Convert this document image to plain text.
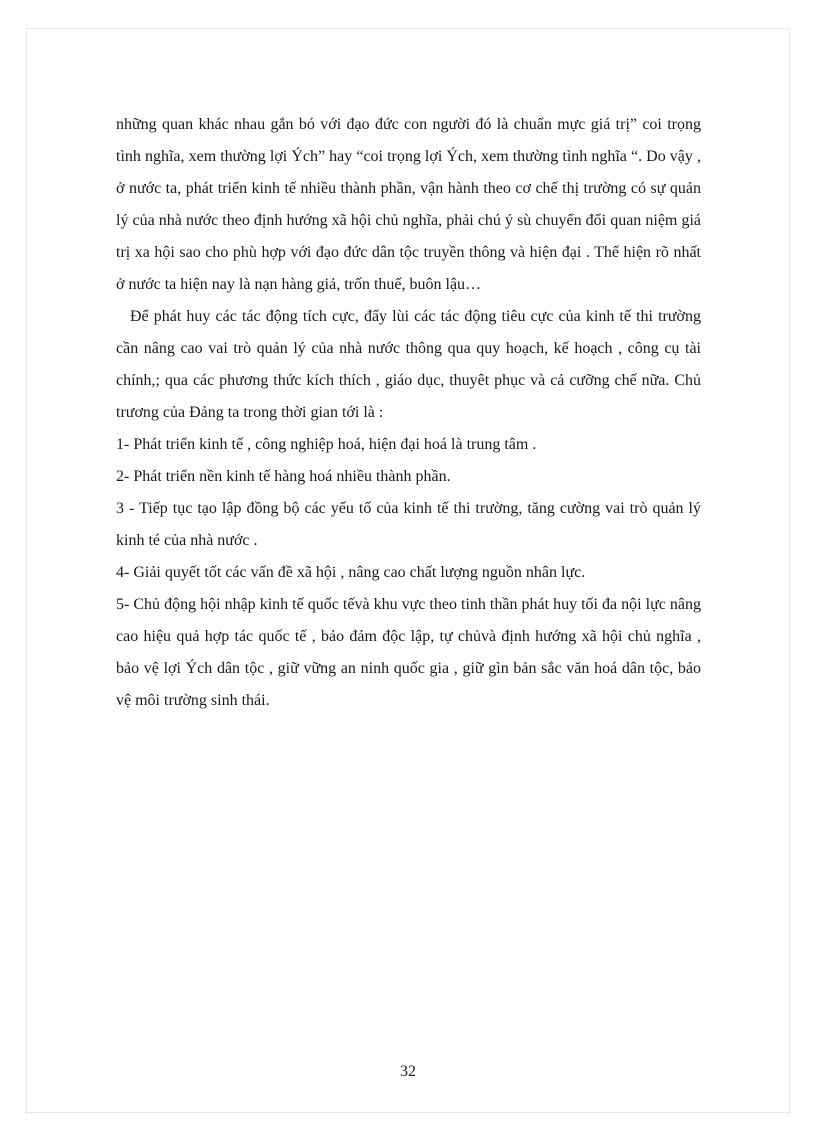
những quan khác nhau gắn bó với đạo đức con người đó là chuẩn mực giá trị” coi trọng tình nghĩa, xem thường lợi Ých” hay “coi trọng lợi Ých, xem thường tình nghĩa “. Do vậy , ở nước ta, phát triển kinh tế nhiều thành phần, vận hành theo cơ chế thị trường có sự quản lý của nhà nước theo định hướng xã hội chủ nghĩa, phải chú ý sù chuyển đổi quan niệm giá trị xa hội sao cho phù hợp với đạo đức dân tộc truyền thông và hiện đại . Thể hiện rõ nhất ở nước ta hiện nay là nạn hàng giả, trốn thuế, buôn lậu…

Để phát huy các tác động tích cực, đẩy lùi các tác động tiêu cực của kinh tế thi trường cần nâng cao vai trò quản lý của nhà nước thông qua quy hoạch, kế hoạch , công cụ tài chính,; qua các phương thức kích thích , giáo dục, thuyêt phục và cả cưỡng chế nữa. Chủ trương của Đảng ta trong thời gian tới là :

1- Phát triển kinh tế , công nghiệp hoá, hiện đại hoá là trung tâm .

2- Phát triển nền kinh tế hàng hoá nhiều thành phần.

3 - Tiếp tục tạo lập đồng bộ các yếu tố của kinh tế thi trường, tăng cường vai trò quản lý kinh té của nhà nước .

4- Giải quyết tốt các vấn đề xã hội , nâng cao chất lượng nguồn nhân lực.

5- Chủ động hội nhập kinh tế quốc tếvà khu vực theo tinh thần phát huy tối đa nội lực nâng cao hiệu quả hợp tác quốc tế , bảo đảm độc lập, tự chủvà định hướng xã hội chủ nghĩa , bảo vệ lợi Ých dân tộc , giữ vững an ninh quốc gia , giữ gìn bản sắc văn hoá dân tộc, bảo vệ môi trường sinh thái.

32
